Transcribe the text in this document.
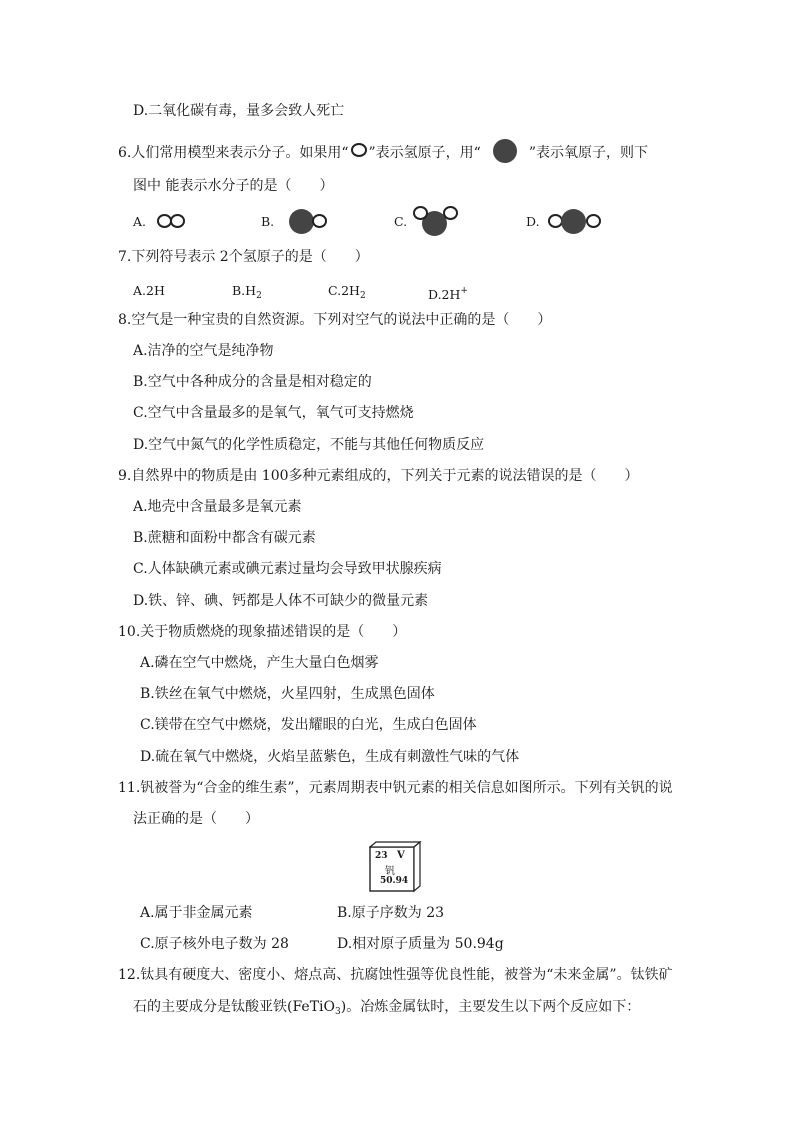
D.二氧化碳有毒，量多会致人死亡
6.人们常用模型来表示分子。如果用“ ”表示氢原子，用“	”表示氧原子，则下
图中 能表示水分子的是（　　）
A.	B.	C.	D.
7.下列符号表示 2个氢原子的是（　　）
A.2H	$B.H_2$	$C.2H_2$	D.2H+
8.空气是一种宝贵的自然资源。下列对空气的说法中正确的是（　　）
A.洁净的空气是纯净物
B.空气中各种成分的含量是相对稳定的
C.空气中含量最多的是氧气，氧气可支持燃烧
D.空气中氮气的化学性质稳定，不能与其他任何物质反应
9.自然界中的物质是由 100多种元素组成的，下列关于元素的说法错误的是（　　）
A.地壳中含量最多是氧元素
B.蔗糖和面粉中都含有碳元素
C.人体缺碘元素或碘元素过量均会导致甲状腺疾病
D.铁、锌、碘、钙都是人体不可缺少的微量元素
10.关于物质燃烧的现象描述错误的是（　　）
A.磷在空气中燃烧，产生大量白色烟雾
B.铁丝在氧气中燃烧，火星四射，生成黑色固体
C.镁带在空气中燃烧，发出耀眼的白光，生成白色固体
D.硫在氧气中燃烧，火焰呈蓝紫色，生成有刺激性气味的气体
11.钒被誉为“合金的维生素”，元素周期表中钒元素的相关信息如图所示。下列有关钒的说
法正确的是（　　）
23 V
钒
50.94
A.属于非金属元素	B.原子序数为 23
C.原子核外电子数为 28	D.相对原子质量为 50.94g
12.钛具有硬度大、密度小、熔点高、抗腐蚀性强等优良性能，被誉为“未来金属”。钛铁矿
石的主要成分是钛酸亚铁(FeTiO$_3$)。冶炼金属钛时，主要发生以下两个反应如下：
